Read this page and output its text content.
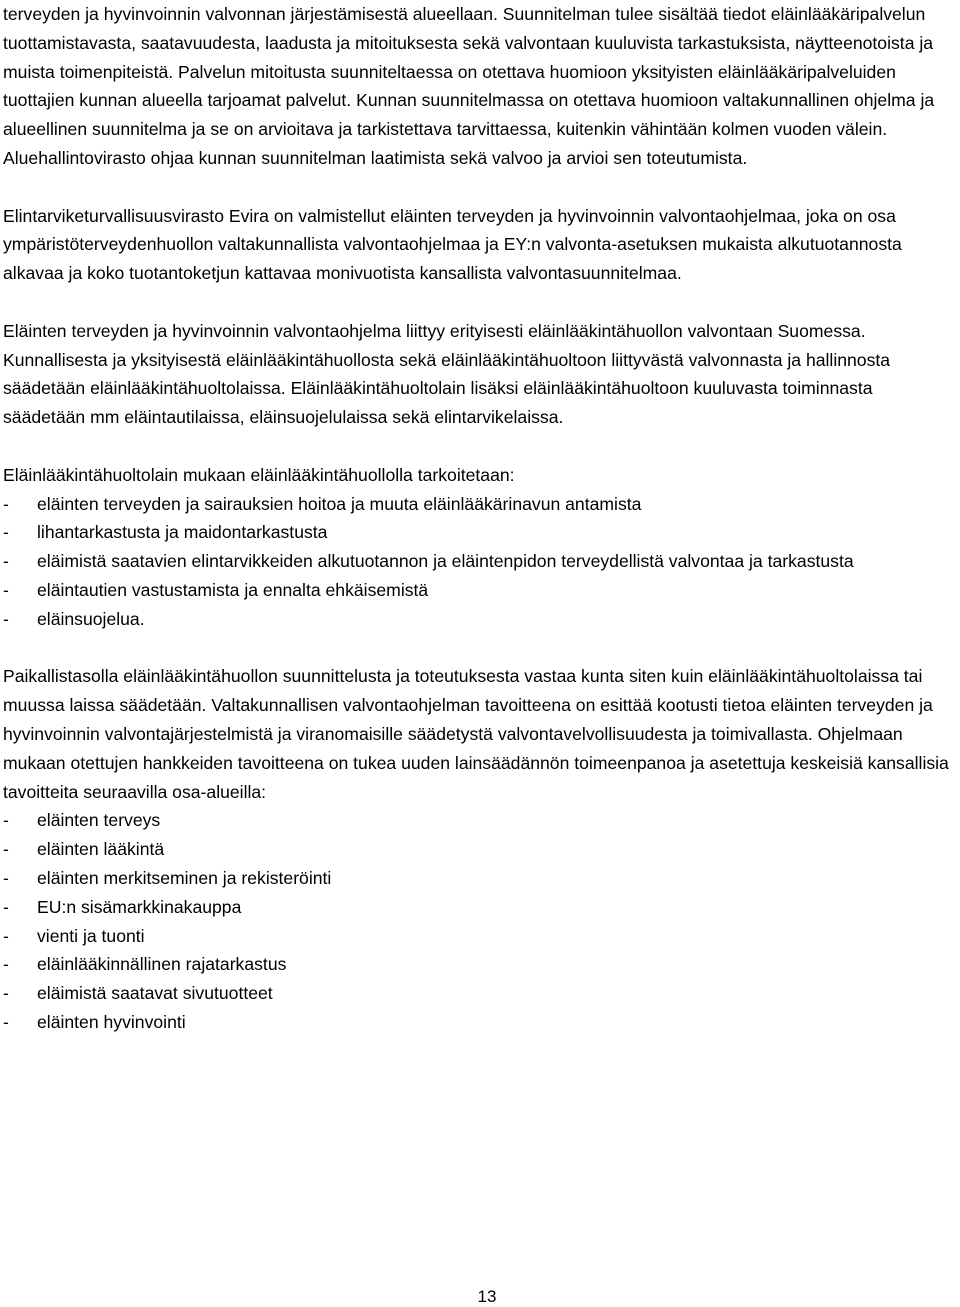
terveyden ja hyvinvoinnin valvonnan järjestämisestä alueellaan. Suunnitelman tulee sisältää tiedot eläinlääkäripalvelun tuottamistavasta, saatavuudesta, laadusta ja mitoituksesta sekä valvontaan kuuluvista tarkastuksista, näytteenotoista ja muista toimenpiteistä. Palvelun mitoitusta suunniteltaessa on otettava huomioon yksityisten eläinlääkäripalveluiden tuottajien kunnan alueella tarjoamat palvelut. Kunnan suunnitelmassa on otettava huomioon valtakunnallinen ohjelma ja alueellinen suunnitelma ja se on arvioitava ja tarkistettava tarvittaessa, kuitenkin vähintään kolmen vuoden välein. Aluehallintovirasto ohjaa kunnan suunnitelman laatimista sekä valvoo ja arvioi sen toteutumista.

Elintarviketurvallisuusvirasto Evira on valmistellut eläinten terveyden ja hyvinvoinnin valvontaohjelmaa, joka on osa ympäristöterveydenhuollon valtakunnallista valvontaohjelmaa ja EY:n valvonta-asetuksen mukaista alkutuotannosta alkavaa ja koko tuotantoketjun kattavaa monivuotista kansallista valvontasuunnitelmaa.

Eläinten terveyden ja hyvinvoinnin valvontaohjelma liittyy erityisesti eläinlääkintähuollon valvontaan Suomessa. Kunnallisesta ja yksityisestä eläinlääkintähuollosta sekä eläinlääkintähuoltoon liittyvästä valvonnasta ja hallinnosta säädetään eläinlääkintähuoltolaissa. Eläinlääkintähuoltolain lisäksi eläinlääkintähuoltoon kuuluvasta toiminnasta säädetään mm eläintautilaissa, eläinsuojelulaissa sekä elintarvikelaissa.

Eläinlääkintähuoltolain mukaan eläinlääkintähuollolla tarkoitetaan:

-	eläinten terveyden ja sairauksien hoitoa ja muuta eläinlääkärinavun antamista
-	lihantarkastusta ja maidontarkastusta
-	eläimistä saatavien elintarvikkeiden alkutuotannon ja eläintenpidon terveydellistä valvontaa ja tarkastusta
-	eläintautien vastustamista ja ennalta ehkäisemistä
-	eläinsuojelua.

Paikallistasolla eläinlääkintähuollon suunnittelusta ja toteutuksesta vastaa kunta siten kuin eläinlääkintähuoltolaissa tai muussa laissa säädetään. Valtakunnallisen valvontaohjelman tavoitteena on esittää kootusti tietoa eläinten terveyden ja hyvinvoinnin valvontajärjestelmistä ja viranomaisille säädetystä valvontavelvollisuudesta ja toimivallasta. Ohjelmaan mukaan otettujen hankkeiden tavoitteena on tukea uuden lainsäädännön toimeenpanoa ja asetettuja keskeisiä kansallisia tavoitteita seuraavilla osa-alueilla:

-	eläinten terveys
-	eläinten lääkintä
-	eläinten merkitseminen ja rekisteröinti
-	EU:n sisämarkkinakauppa
-	vienti ja tuonti
-	eläinlääkinnällinen rajatarkastus
-	eläimistä saatavat sivutuotteet
-	eläinten hyvinvointi
13
